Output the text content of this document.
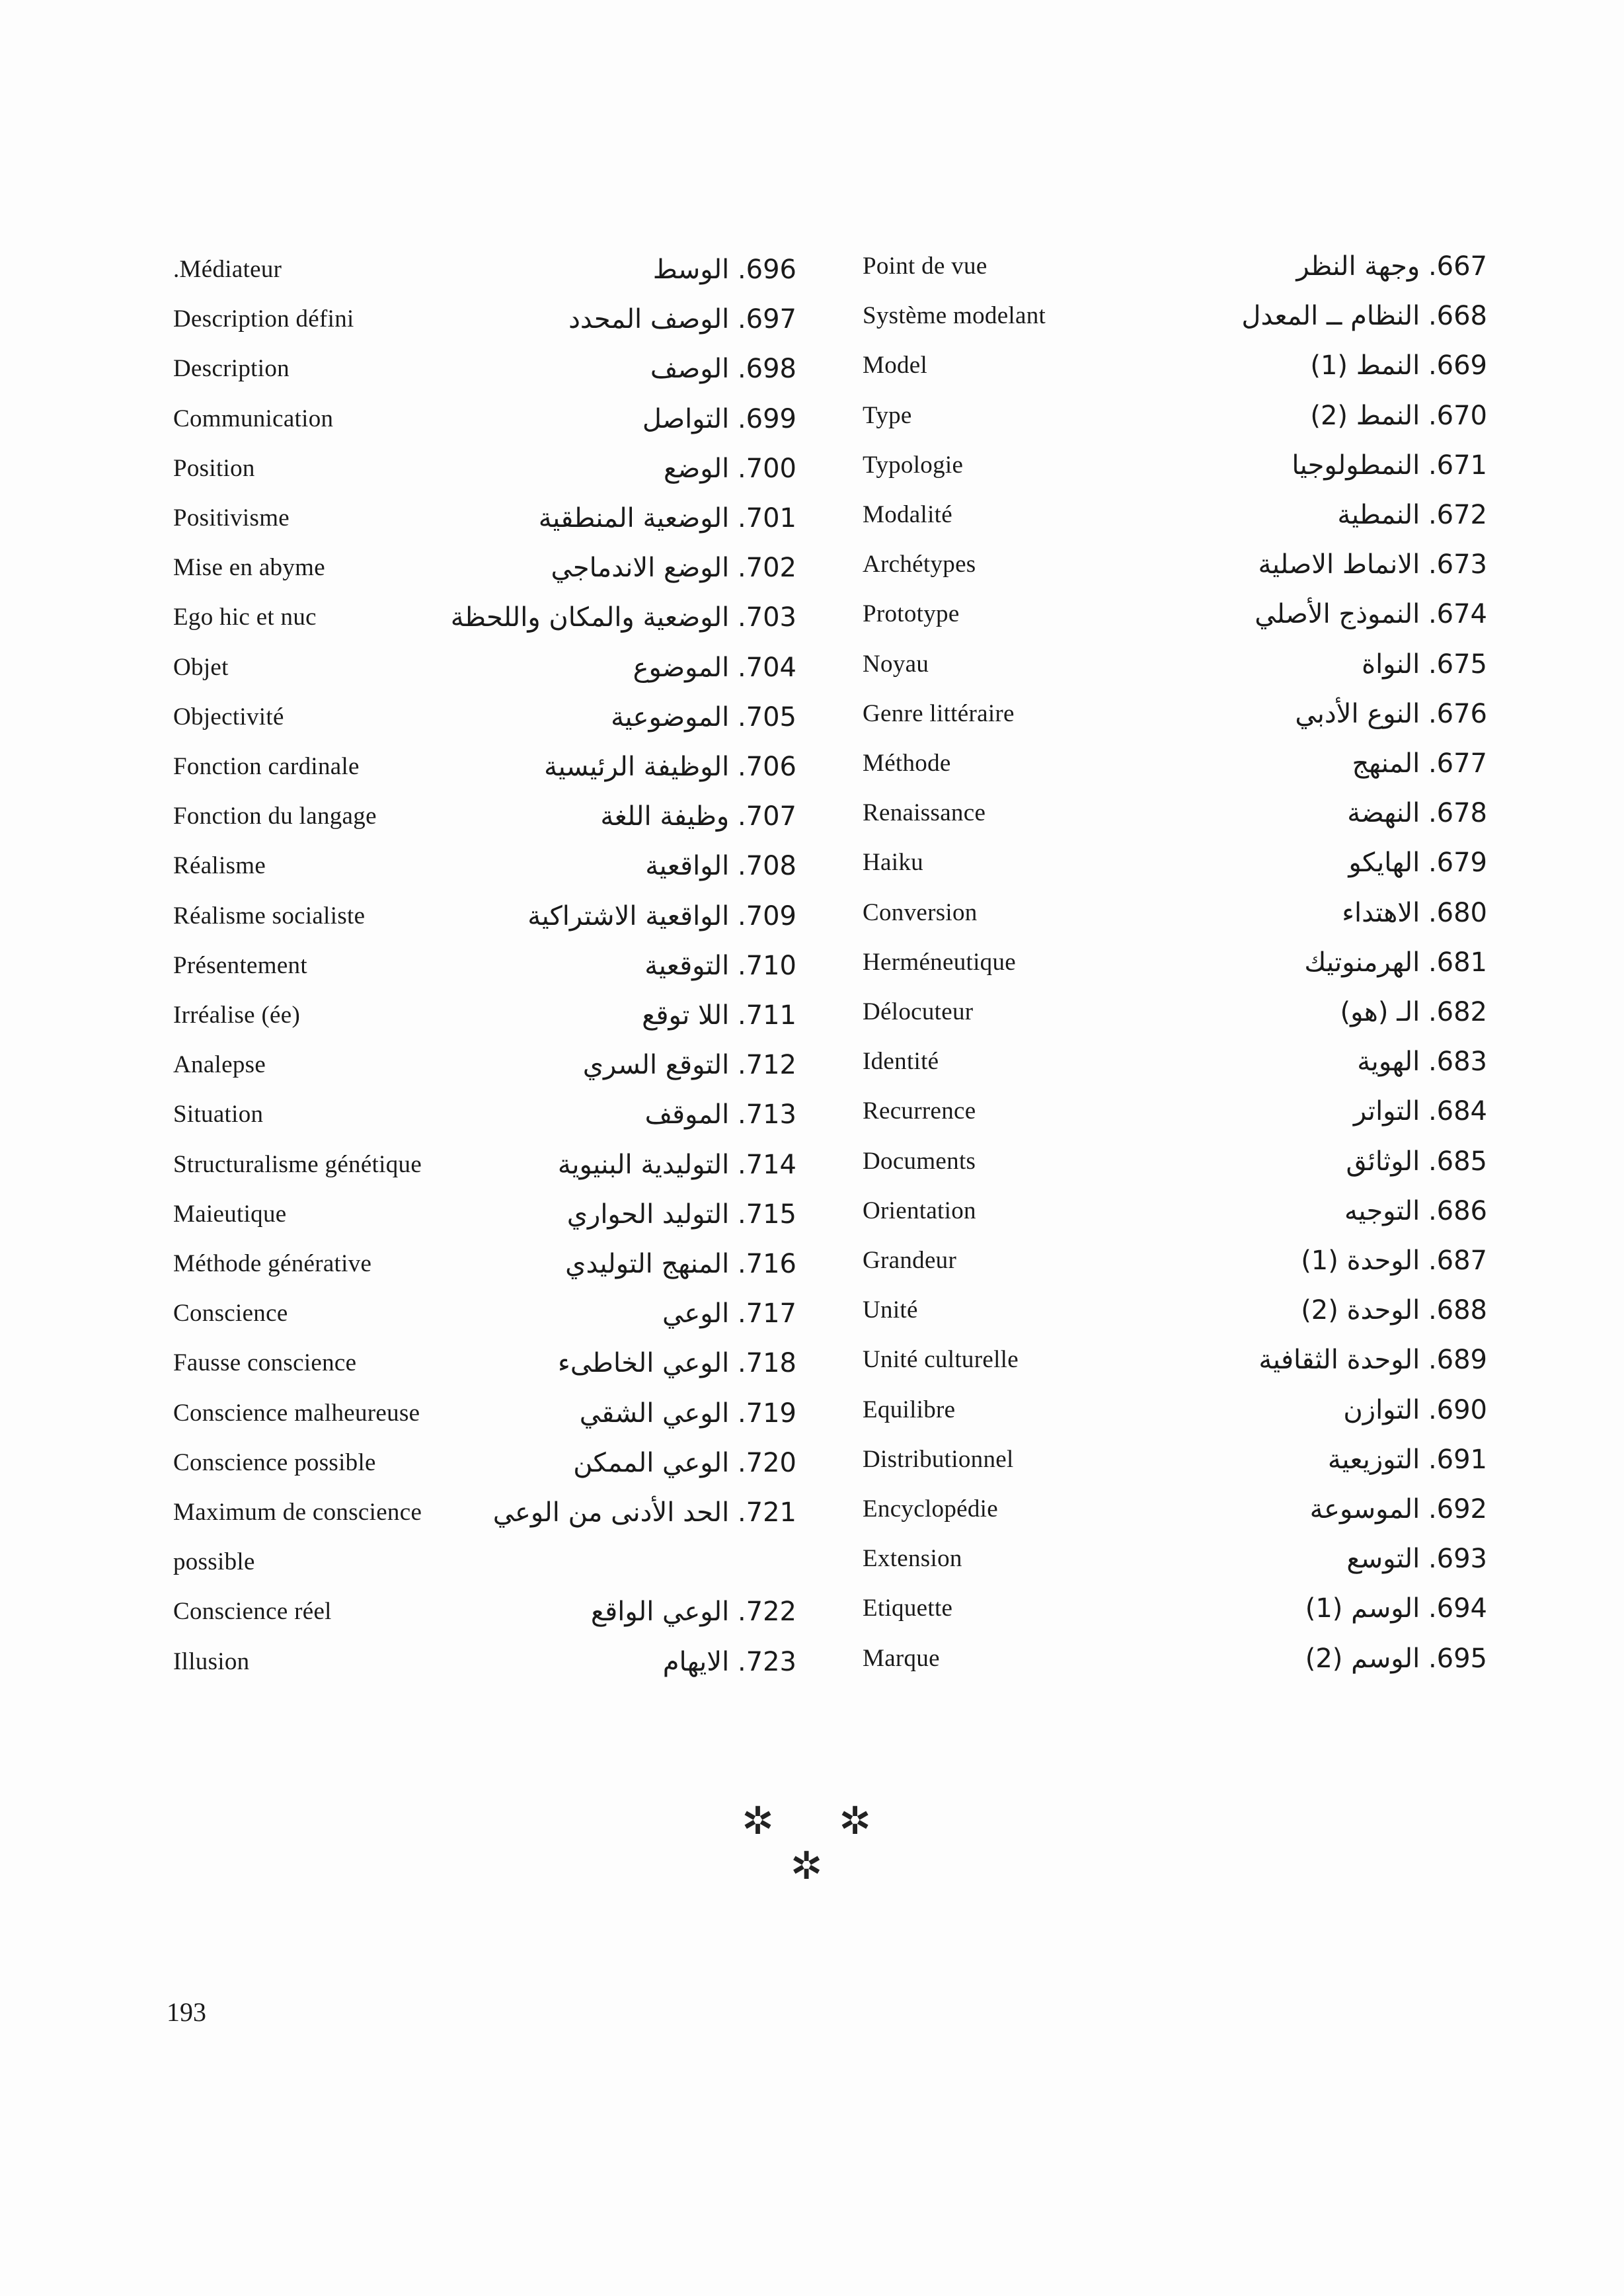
Point de vue	وجهة النظر .667
Système modelant	النظام ــ المعدل .668
Model	النمط (1) .669
Type	النمط (2) .670
Typologie	النمطولوجيا .671
Modalité	النمطية .672
Archétypes	الانماط الاصلية .673
Prototype	النموذج الأصلي .674
Noyau	النواة .675
Genre littéraire	النوع الأدبي .676
Méthode	المنهج .677
Renaissance	النهضة .678
Haiku	الهايكو .679
Conversion	الاهتداء .680
Herméneutique	الهرمنوتيك .681
Délocuteur	الـ (هو) .682
Identité	الهوية .683
Recurrence	التواتر .684
Documents	الوثائق .685
Orientation	التوجيه .686
Grandeur	الوحدة (1) .687
Unité	الوحدة (2) .688
Unité culturelle	الوحدة الثقافية .689
Equilibre	التوازن .690
Distributionnel	التوزيعية .691
Encyclopédie	الموسوعة .692
Extension	التوسع .693
Etiquette	الوسم (1) .694
Marque	الوسم (2) .695
.Médiateur	الوسط .696
Description défini	الوصف المحدد .697
Description	الوصف .698
Communication	التواصل .699
Position	الوضع .700
Positivisme	الوضعية المنطقية .701
Mise en abyme	الوضع الاندماجي .702
Ego hic et nuc	الوضعية والمكان واللحظة .703
Objet	الموضوع .704
Objectivité	الموضوعية .705
Fonction cardinale	الوظيفة الرئيسية .706
Fonction du langage	وظيفة اللغة .707
Réalisme	الواقعية .708
Réalisme socialiste	الواقعية الاشتراكية .709
Présentement	التوقعية .710
Irréalise (ée)	اللا توقع .711
Analepse	التوقع السري .712
Situation	الموقف .713
Structuralisme génétique	التوليدية البنيوية .714
Maieutique	التوليد الحواري .715
Méthode générative	المنهج التوليدي .716
Conscience	الوعي .717
Fausse conscience	الوعي الخاطىء .718
Conscience malheureuse	الوعي الشقي .719
Conscience possible	الوعي الممكن .720
Maximum de conscience	الحد الأدنى من الوعي .721
possible
Conscience réel	الوعي الواقع .722
Illusion	الايهام .723
✲ ✲ ✲
193
